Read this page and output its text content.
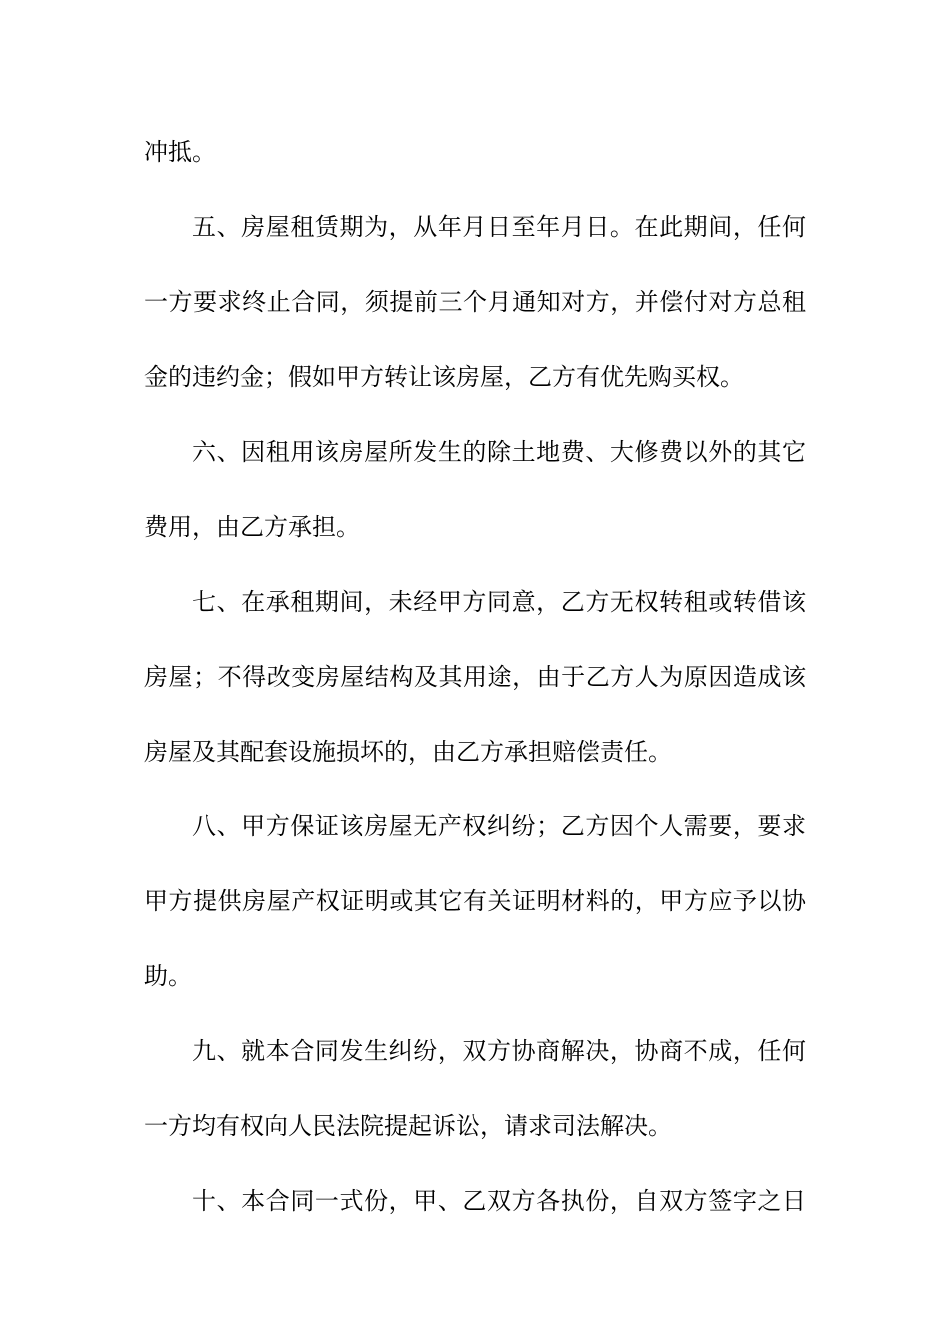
冲抵。
五、房屋租赁期为，从年月日至年月日。在此期间，任何
一方要求终止合同，须提前三个月通知对方，并偿付对方总租
金的违约金；假如甲方转让该房屋，乙方有优先购买权。
六、因租用该房屋所发生的除土地费、大修费以外的其它
费用，由乙方承担。
七、在承租期间，未经甲方同意，乙方无权转租或转借该
房屋；不得改变房屋结构及其用途，由于乙方人为原因造成该
房屋及其配套设施损坏的，由乙方承担赔偿责任。
八、甲方保证该房屋无产权纠纷；乙方因个人需要，要求
甲方提供房屋产权证明或其它有关证明材料的，甲方应予以协
助。
九、就本合同发生纠纷，双方协商解决，协商不成，任何
一方均有权向人民法院提起诉讼，请求司法解决。
十、本合同一式份，甲、乙双方各执份，自双方签字之日
